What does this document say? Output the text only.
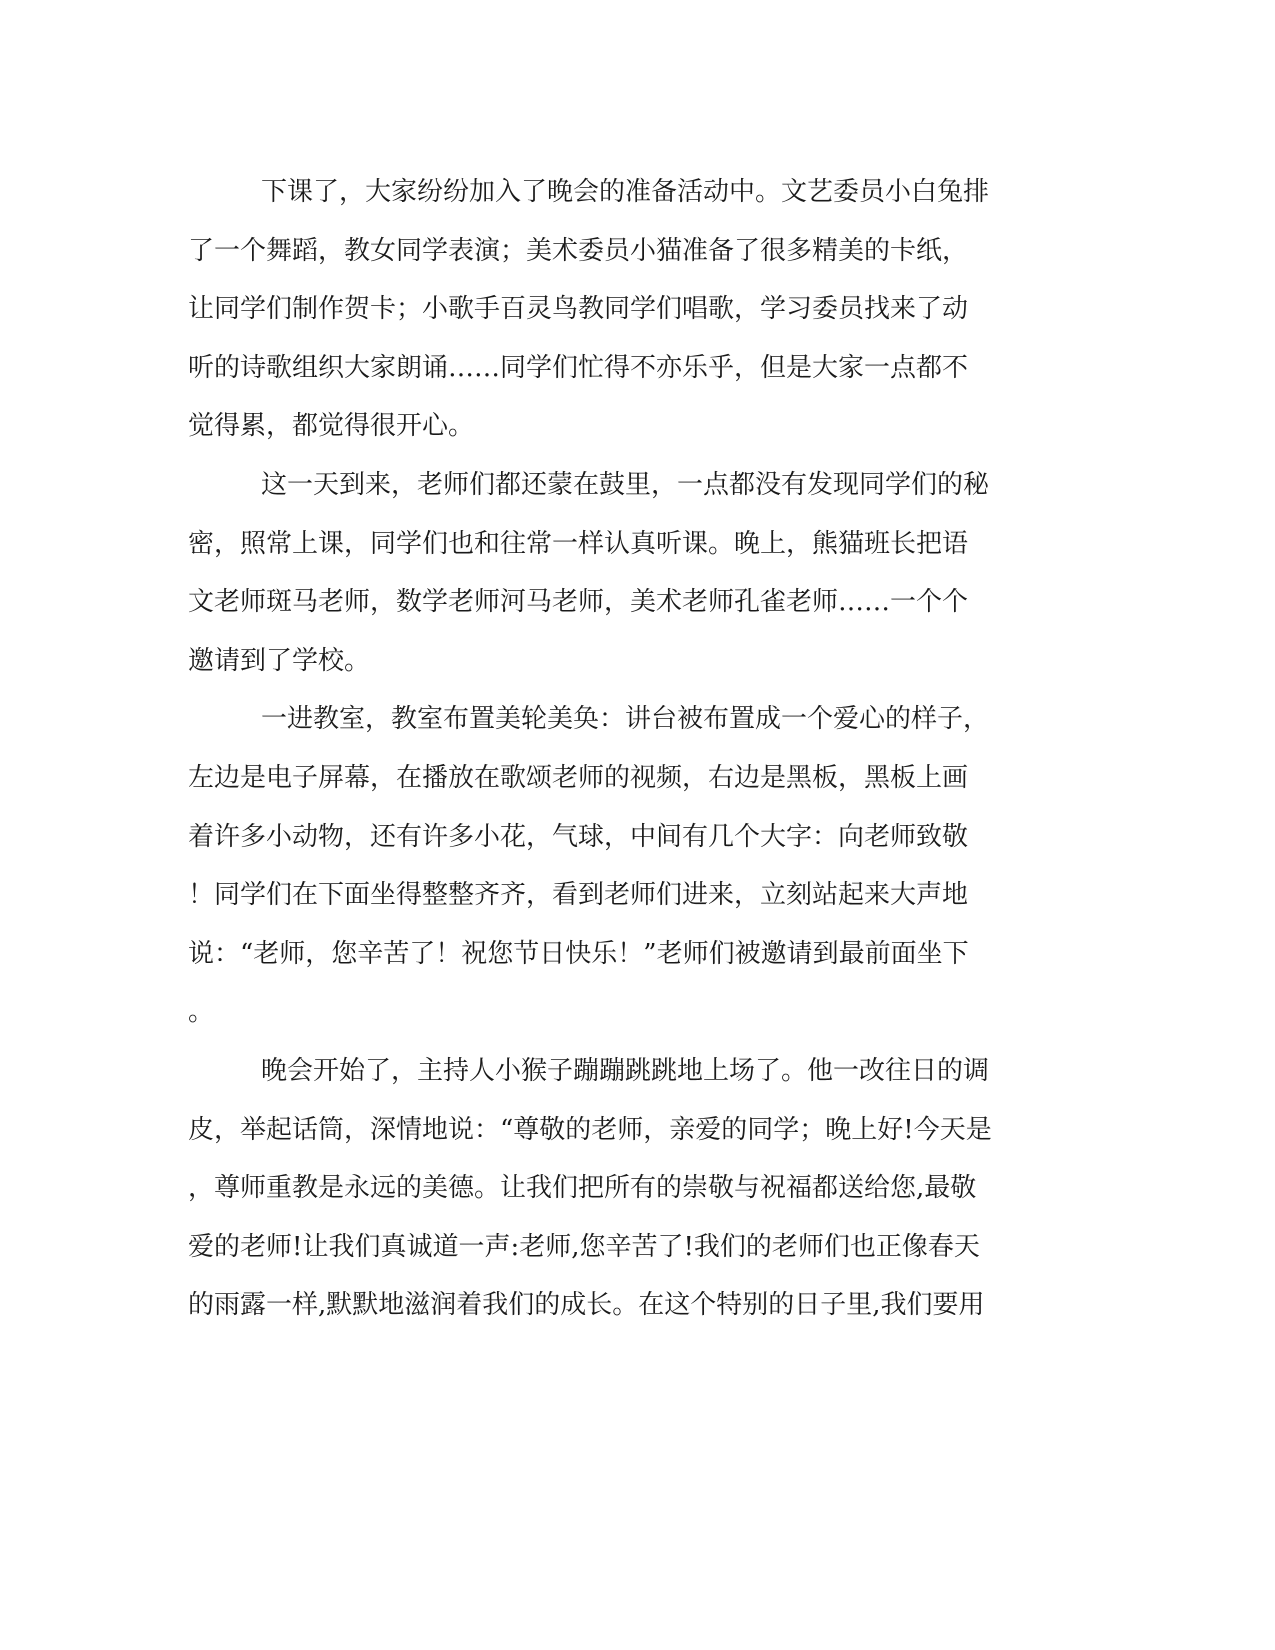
下课了，大家纷纷加入了晚会的准备活动中。文艺委员小白兔排
了一个舞蹈，教女同学表演；美术委员小猫准备了很多精美的卡纸，
让同学们制作贺卡；小歌手百灵鸟教同学们唱歌，学习委员找来了动
听的诗歌组织大家朗诵……同学们忙得不亦乐乎，但是大家一点都不
觉得累，都觉得很开心。
这一天到来，老师们都还蒙在鼓里，一点都没有发现同学们的秘
密，照常上课，同学们也和往常一样认真听课。晚上，熊猫班长把语
文老师斑马老师，数学老师河马老师，美术老师孔雀老师……一个个
邀请到了学校。
一进教室，教室布置美轮美奂：讲台被布置成一个爱心的样子，
左边是电子屏幕，在播放在歌颂老师的视频，右边是黑板，黑板上画
着许多小动物，还有许多小花，气球，中间有几个大字：向老师致敬
！同学们在下面坐得整整齐齐，看到老师们进来，立刻站起来大声地
说：“老师，您辛苦了！祝您节日快乐！”老师们被邀请到最前面坐下
。
晚会开始了，主持人小猴子蹦蹦跳跳地上场了。他一改往日的调
皮，举起话筒，深情地说：“尊敬的老师，亲爱的同学；晚上好!今天是
，尊师重教是永远的美德。让我们把所有的崇敬与祝福都送给您,最敬
爱的老师!让我们真诚道一声:老师,您辛苦了!我们的老师们也正像春天
的雨露一样,默默地滋润着我们的成长。在这个特别的日子里,我们要用
